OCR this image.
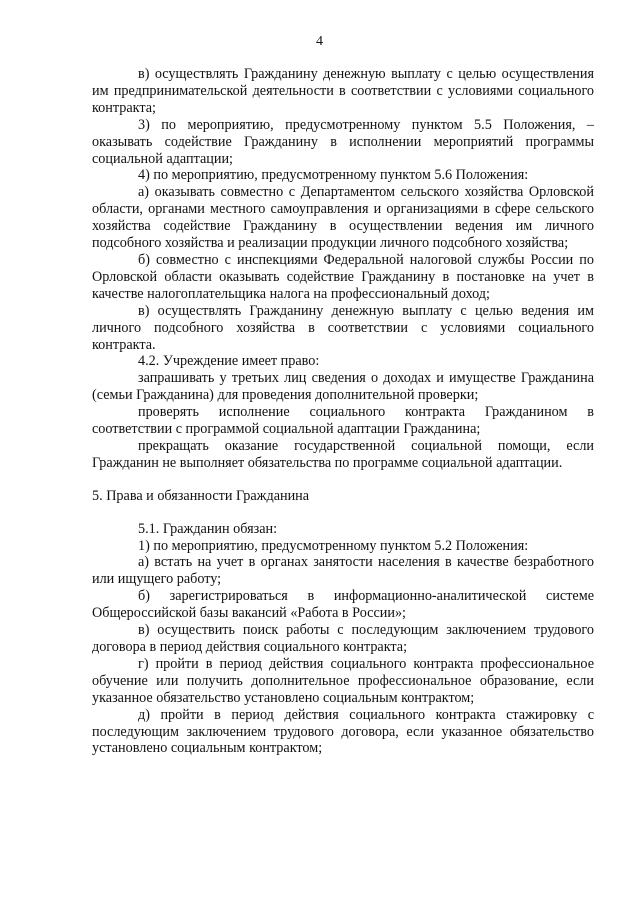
4

в) осуществлять Гражданину денежную выплату с целью осуществления им предпринимательской деятельности в соответствии с условиями социального контракта;

3) по мероприятию, предусмотренному пунктом 5.5 Положения, – оказывать содействие Гражданину в исполнении мероприятий программы социальной адаптации;

4) по мероприятию, предусмотренному пунктом 5.6 Положения:

а) оказывать совместно с Департаментом сельского хозяйства Орловской области, органами местного самоуправления и организациями в сфере сельского хозяйства содействие Гражданину в осуществлении ведения им личного подсобного хозяйства и реализации продукции личного подсобного хозяйства;

б) совместно с инспекциями Федеральной налоговой службы России по Орловской области оказывать содействие Гражданину в постановке на учет в качестве налогоплательщика налога на профессиональный доход;

в) осуществлять Гражданину денежную выплату с целью ведения им личного подсобного хозяйства в соответствии с условиями социального контракта.

4.2. Учреждение имеет право:

запрашивать у третьих лиц сведения о доходах и имуществе Гражданина (семьи Гражданина) для проведения дополнительной проверки;

проверять исполнение социального контракта Гражданином в соответствии с программой социальной адаптации Гражданина;

прекращать оказание государственной социальной помощи, если Гражданин не выполняет обязательства по программе социальной адаптации.

5. Права и обязанности Гражданина

5.1. Гражданин обязан:

1) по мероприятию, предусмотренному пунктом 5.2 Положения:

а) встать на учет в органах занятости населения в качестве безработного или ищущего работу;

б) зарегистрироваться в информационно-аналитической системе Общероссийской базы вакансий «Работа в России»;

в) осуществить поиск работы с последующим заключением трудового договора в период действия социального контракта;

г) пройти в период действия социального контракта профессиональное обучение или получить дополнительное профессиональное образование, если указанное обязательство установлено социальным контрактом;

д) пройти в период действия социального контракта стажировку с последующим заключением трудового договора, если указанное обязательство установлено социальным контрактом;
